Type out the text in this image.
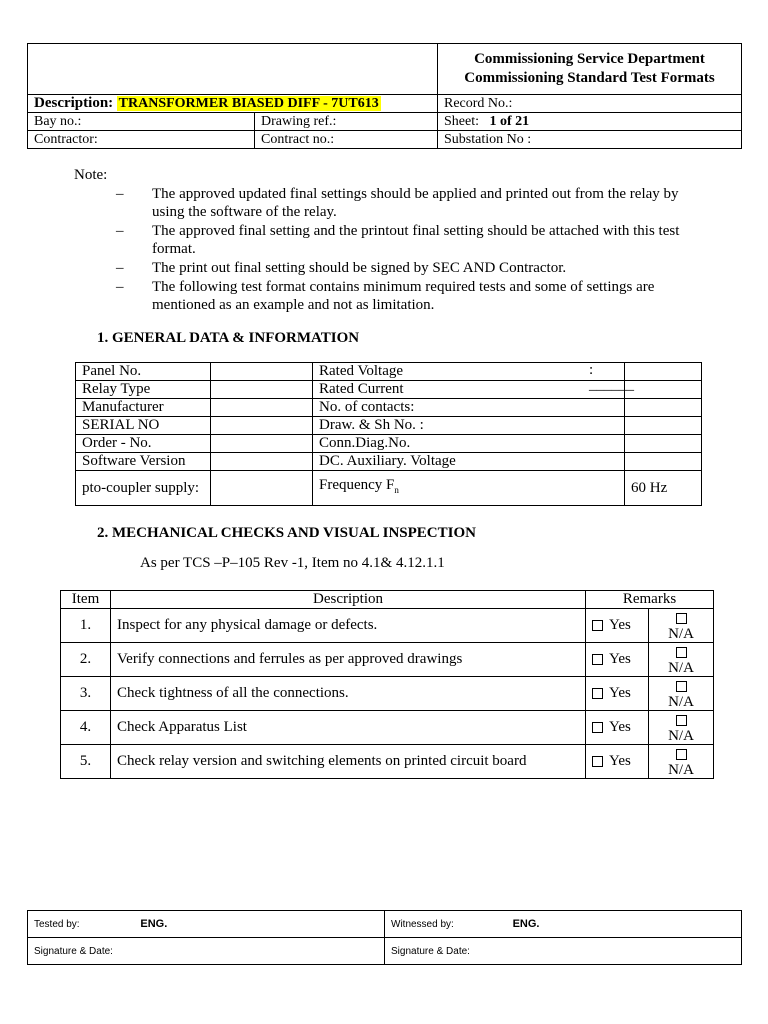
		Commissioning Service Department
Commissioning Standard Test Formats

Description: TRANSFORMER BIASED DIFF - 7UT613		Record No.:
Bay no.:	Drawing ref.:	Sheet: 1 of 21
Contractor:	Contract no.:	Substation No :
Note:
– The approved updated final settings should be applied and printed out from the relay by using the software of the relay.
– The approved final setting and the printout final setting should be attached with this test format.
– The print out final setting should be signed by SEC AND Contractor.
– The following test format contains minimum required tests and some of settings are mentioned as an example and not as limitation.
1. GENERAL DATA & INFORMATION
Panel No.		Rated Voltage : ______	

Relay Type		Rated Current	
Manufacturer		No. of contacts:	
SERIAL NO		Draw. & Sh No. :	
Order - No.		Conn.Diag.No.	
Software Version		DC. Auxiliary. Voltage	
pto-coupler supply:		Frequency $F_n$	60 Hz
2. MECHANICAL CHECKS AND VISUAL INSPECTION
As per TCS –P–105 Rev -1, Item no 4.1& 4.12.1.1
Item	Description	Remarks	
1.	Inspect for any physical damage or defects.	Yes	N/A
2.	Verify connections and ferrules as per approved drawings	Yes	N/A
3.	Check tightness of all the connections.	Yes	N/A
4.	Check Apparatus List	Yes	N/A
5.	Check relay version and switching elements on printed circuit board	Yes	N/A
Tested by: ENG.	Witnessed by: ENG.
Signature & Date:	Signature & Date:
